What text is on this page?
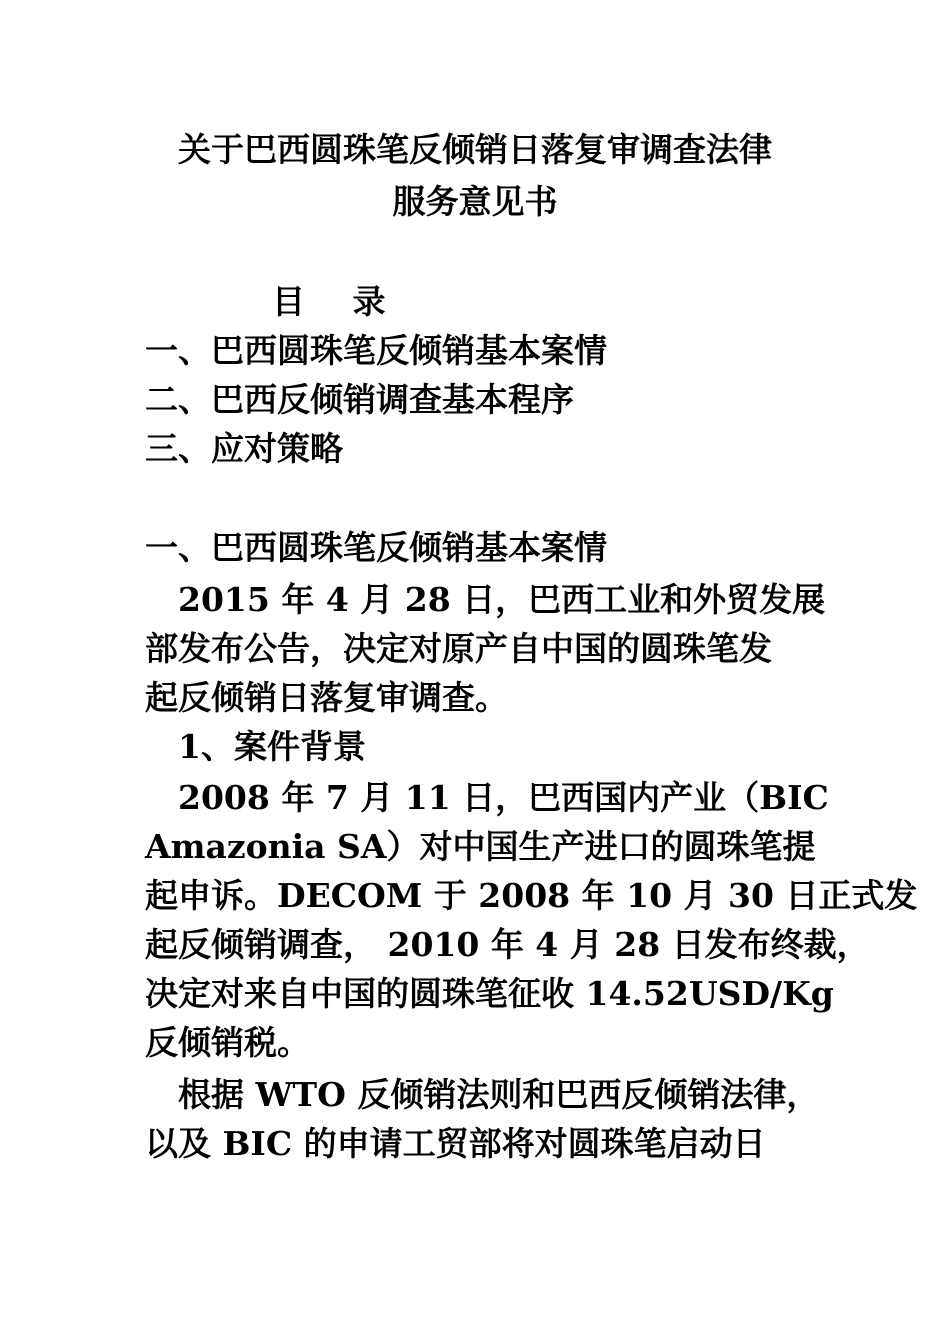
关于巴西圆珠笔反倾销日落复审调查法律
服务意见书
目 录
一、巴西圆珠笔反倾销基本案情
二、巴西反倾销调查基本程序
三、应对策略
一、巴西圆珠笔反倾销基本案情
2015 年 4 月 28 日，巴西工业和外贸发展
部发布公告，决定对原产自中国的圆珠笔发
起反倾销日落复审调查。
1、案件背景
2008 年 7 月 11 日，巴西国内产业（BIC
Amazonia SA）对中国生产进口的圆珠笔提
起申诉。DECOM 于 2008 年 10 月 30 日正式发
起反倾销调查， 2010 年 4 月 28 日发布终裁，
决定对来自中国的圆珠笔征收 14.52USD/Kg
反倾销税。
根据 WTO 反倾销法则和巴西反倾销法律，
以及 BIC 的申请工贸部将对圆珠笔启动日
